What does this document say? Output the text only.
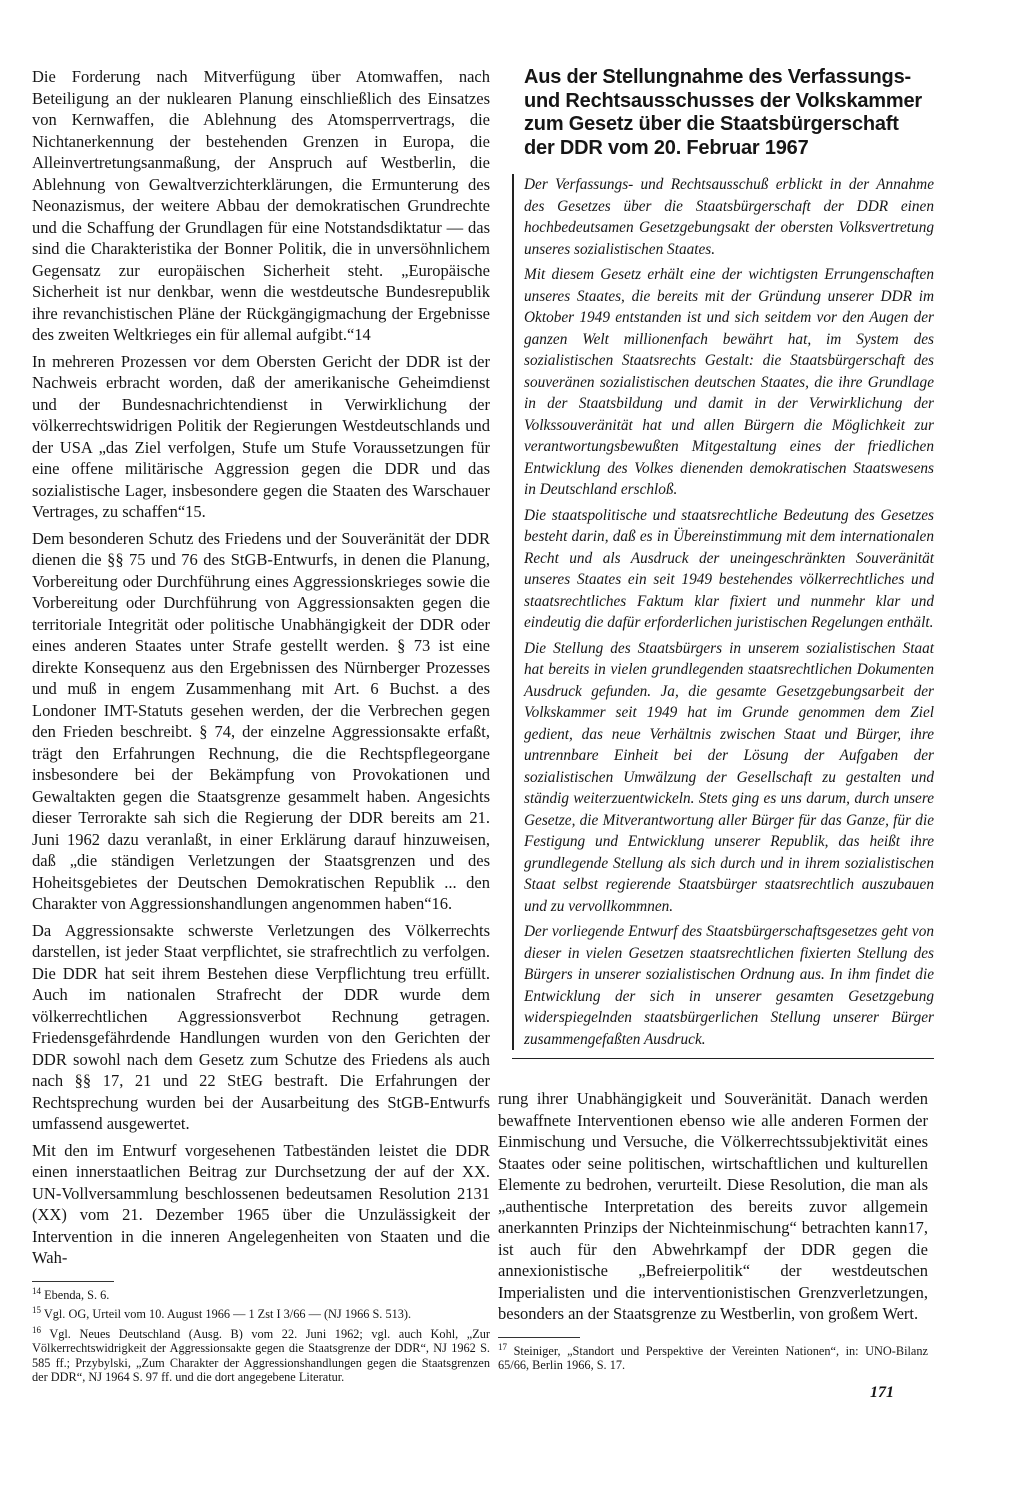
Die Forderung nach Mitverfügung über Atomwaffen, nach Beteiligung an der nuklearen Planung einschließlich des Einsatzes von Kernwaffen, die Ablehnung des Atomsperrvertrags, die Nichtanerkennung der bestehenden Grenzen in Europa, die Alleinvertretungsanmaßung, der Anspruch auf Westberlin, die Ablehnung von Gewaltverzichterklärungen, die Ermunterung des Neonazismus, der weitere Abbau der demokratischen Grundrechte und die Schaffung der Grundlagen für eine Notstandsdiktatur — das sind die Charakteristika der Bonner Politik, die in unversöhnlichem Gegensatz zur europäischen Sicherheit steht. „Europäische Sicherheit ist nur denkbar, wenn die westdeutsche Bundesrepublik ihre revanchistischen Pläne der Rückgängigmachung der Ergebnisse des zweiten Weltkrieges ein für allemal aufgibt.“14

In mehreren Prozessen vor dem Obersten Gericht der DDR ist der Nachweis erbracht worden, daß der amerikanische Geheimdienst und der Bundesnachrichtendienst in Verwirklichung der völkerrechtswidrigen Politik der Regierungen Westdeutschlands und der USA „das Ziel verfolgen, Stufe um Stufe Voraussetzungen für eine offene militärische Aggression gegen die DDR und das sozialistische Lager, insbesondere gegen die Staaten des Warschauer Vertrages, zu schaffen“15.

Dem besonderen Schutz des Friedens und der Souveränität der DDR dienen die §§ 75 und 76 des StGB-Entwurfs, in denen die Planung, Vorbereitung oder Durchführung eines Aggressionskrieges sowie die Vorbereitung oder Durchführung von Aggressionsakten gegen die territoriale Integrität oder politische Unabhängigkeit der DDR oder eines anderen Staates unter Strafe gestellt werden. § 73 ist eine direkte Konsequenz aus den Ergebnissen des Nürnberger Prozesses und muß in engem Zusammenhang mit Art. 6 Buchst. a des Londoner IMT-Statuts gesehen werden, der die Verbrechen gegen den Frieden beschreibt. § 74, der einzelne Aggressionsakte erfaßt, trägt den Erfahrungen Rechnung, die die Rechtspflegeorgane insbesondere bei der Bekämpfung von Provokationen und Gewaltakten gegen die Staatsgrenze gesammelt haben. Angesichts dieser Terrorakte sah sich die Regierung der DDR bereits am 21. Juni 1962 dazu veranlaßt, in einer Erklärung darauf hinzuweisen, daß „die ständigen Verletzungen der Staatsgrenzen und des Hoheitsgebietes der Deutschen Demokratischen Republik ... den Charakter von Aggressionshandlungen angenommen haben“16.

Da Aggressionsakte schwerste Verletzungen des Völkerrechts darstellen, ist jeder Staat verpflichtet, sie strafrechtlich zu verfolgen. Die DDR hat seit ihrem Bestehen diese Verpflichtung treu erfüllt. Auch im nationalen Strafrecht der DDR wurde dem völkerrechtlichen Aggressionsverbot Rechnung getragen. Friedensgefährdende Handlungen wurden von den Gerichten der DDR sowohl nach dem Gesetz zum Schutze des Friedens als auch nach §§ 17, 21 und 22 StEG bestraft. Die Erfahrungen der Rechtsprechung wurden bei der Ausarbeitung des StGB-Entwurfs umfassend ausgewertet.

Mit den im Entwurf vorgesehenen Tatbeständen leistet die DDR einen innerstaatlichen Beitrag zur Durchsetzung der auf der XX. UN-Vollversammlung beschlossenen bedeutsamen Resolution 2131 (XX) vom 21. Dezember 1965 über die Unzulässigkeit der Intervention in die inneren Angelegenheiten von Staaten und die Wah-

$^{14}$ Ebenda, S. 6.

$^{15}$ Vgl. OG, Urteil vom 10. August 1966 — 1 Zst I 3/66 — (NJ 1966 S. 513).

$^{16}$ Vgl. Neues Deutschland (Ausg. B) vom 22. Juni 1962; vgl. auch Kohl, „Zur Völkerrechtswidrigkeit der Aggressionsakte gegen die Staatsgrenze der DDR“, NJ 1962 S. 585 ff.; Przybylski, „Zum Charakter der Aggressionshandlungen gegen die Staatsgrenzen der DDR“, NJ 1964 S. 97 ff. und die dort angegebene Literatur.

Aus der Stellungnahme des Verfassungs- und Rechtsausschusses der Volkskammer zum Gesetz über die Staatsbürgerschaft der DDR vom 20. Februar 1967

Der Verfassungs- und Rechtsausschuß erblickt in der Annahme des Gesetzes über die Staatsbürgerschaft der DDR einen hochbedeutsamen Gesetzgebungsakt der obersten Volksvertretung unseres sozialistischen Staates.

Mit diesem Gesetz erhält eine der wichtigsten Errungenschaften unseres Staates, die bereits mit der Gründung unserer DDR im Oktober 1949 entstanden ist und sich seitdem vor den Augen der ganzen Welt millionenfach bewährt hat, im System des sozialistischen Staatsrechts Gestalt: die Staatsbürgerschaft des souveränen sozialistischen deutschen Staates, die ihre Grundlage in der Staatsbildung und damit in der Verwirklichung der Volkssouveränität hat und allen Bürgern die Möglichkeit zur verantwortungsbewußten Mitgestaltung eines der friedlichen Entwicklung des Volkes dienenden demokratischen Staatswesens in Deutschland erschloß.

Die staatspolitische und staatsrechtliche Bedeutung des Gesetzes besteht darin, daß es in Übereinstimmung mit dem internationalen Recht und als Ausdruck der uneingeschränkten Souveränität unseres Staates ein seit 1949 bestehendes völkerrechtliches und staatsrechtliches Faktum klar fixiert und nunmehr klar und eindeutig die dafür erforderlichen juristischen Regelungen enthält.

Die Stellung des Staatsbürgers in unserem sozialistischen Staat hat bereits in vielen grundlegenden staatsrechtlichen Dokumenten Ausdruck gefunden. Ja, die gesamte Gesetzgebungsarbeit der Volkskammer seit 1949 hat im Grunde genommen dem Ziel gedient, das neue Verhältnis zwischen Staat und Bürger, ihre untrennbare Einheit bei der Lösung der Aufgaben der sozialistischen Umwälzung der Gesellschaft zu gestalten und ständig weiterzuentwickeln. Stets ging es uns darum, durch unsere Gesetze, die Mitverantwortung aller Bürger für das Ganze, für die Festigung und Entwicklung unserer Republik, das heißt ihre grundlegende Stellung als sich durch und in ihrem sozialistischen Staat selbst regierende Staatsbürger staatsrechtlich auszubauen und zu vervollkommnen.

Der vorliegende Entwurf des Staatsbürgerschaftsgesetzes geht von dieser in vielen Gesetzen staatsrechtlichen fixierten Stellung des Bürgers in unserer sozialistischen Ordnung aus. In ihm findet die Entwicklung der sich in unserer gesamten Gesetzgebung widerspiegelnden staatsbürgerlichen Stellung unserer Bürger zusammengefaßten Ausdruck.

rung ihrer Unabhängigkeit und Souveränität. Danach werden bewaffnete Interventionen ebenso wie alle anderen Formen der Einmischung und Versuche, die Völkerrechtssubjektivität eines Staates oder seine politischen, wirtschaftlichen und kulturellen Elemente zu bedrohen, verurteilt. Diese Resolution, die man als „authentische Interpretation des bereits zuvor allgemein anerkannten Prinzips der Nichteinmischung“ betrachten kann17, ist auch für den Abwehrkampf der DDR gegen die annexionistische „Befreierpolitik“ der westdeutschen Imperialisten und die interventionistischen Grenzverletzungen, besonders an der Staatsgrenze zu Westberlin, von großem Wert.

$^{17}$ Steiniger, „Standort und Perspektive der Vereinten Nationen“, in: UNO-Bilanz 65/66, Berlin 1966, S. 17.

171
